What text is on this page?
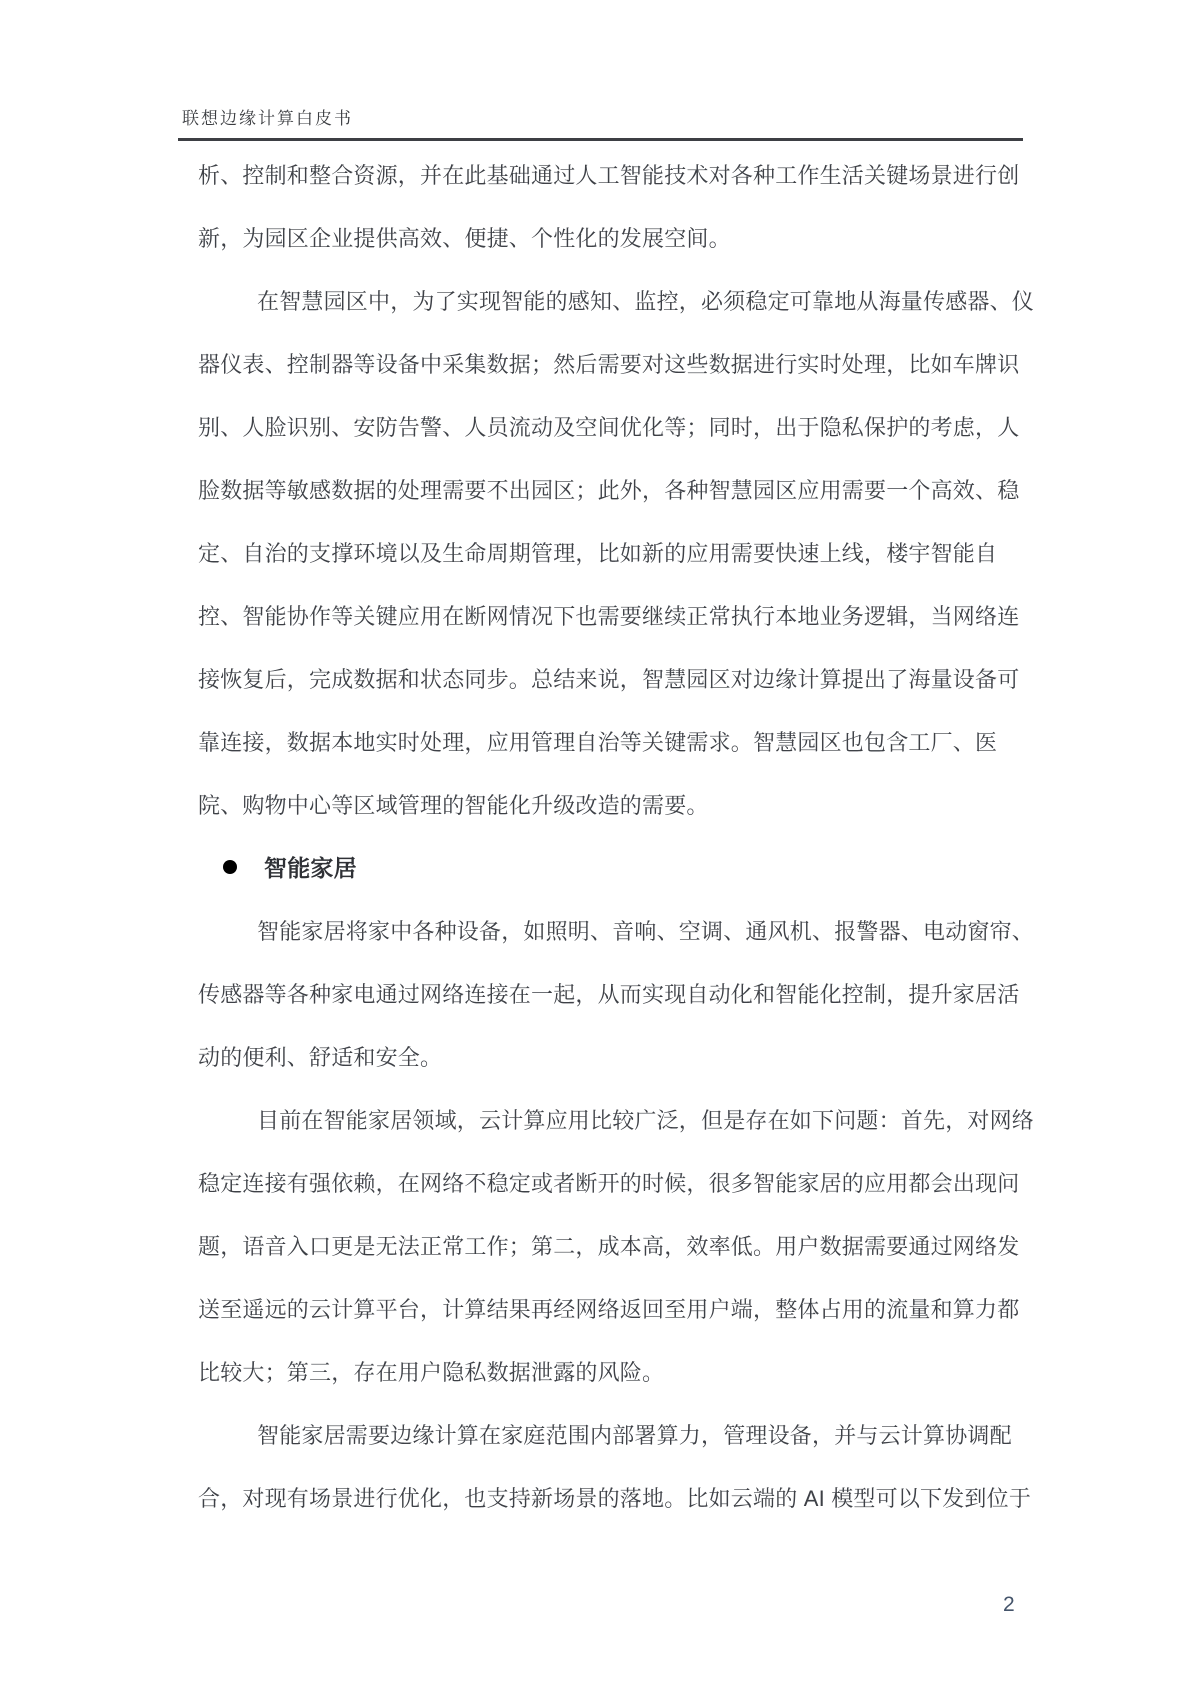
联想边缘计算白皮书
析、控制和整合资源，并在此基础通过人工智能技术对各种工作生活关键场景进行创
新，为园区企业提供高效、便捷、个性化的发展空间。
在智慧园区中，为了实现智能的感知、监控，必须稳定可靠地从海量传感器、仪
器仪表、控制器等设备中采集数据；然后需要对这些数据进行实时处理，比如车牌识
别、人脸识别、安防告警、人员流动及空间优化等；同时，出于隐私保护的考虑，人
脸数据等敏感数据的处理需要不出园区；此外，各种智慧园区应用需要一个高效、稳
定、自治的支撑环境以及生命周期管理，比如新的应用需要快速上线，楼宇智能自
控、智能协作等关键应用在断网情况下也需要继续正常执行本地业务逻辑，当网络连
接恢复后，完成数据和状态同步。总结来说，智慧园区对边缘计算提出了海量设备可
靠连接，数据本地实时处理，应用管理自治等关键需求。智慧园区也包含工厂、医
院、购物中心等区域管理的智能化升级改造的需要。
智能家居
智能家居将家中各种设备，如照明、音响、空调、通风机、报警器、电动窗帘、
传感器等各种家电通过网络连接在一起，从而实现自动化和智能化控制，提升家居活
动的便利、舒适和安全。
目前在智能家居领域，云计算应用比较广泛，但是存在如下问题：首先，对网络
稳定连接有强依赖，在网络不稳定或者断开的时候，很多智能家居的应用都会出现问
题，语音入口更是无法正常工作；第二，成本高，效率低。用户数据需要通过网络发
送至遥远的云计算平台，计算结果再经网络返回至用户端，整体占用的流量和算力都
比较大；第三，存在用户隐私数据泄露的风险。
智能家居需要边缘计算在家庭范围内部署算力，管理设备，并与云计算协调配
合，对现有场景进行优化，也支持新场景的落地。比如云端的 AI 模型可以下发到位于
2
